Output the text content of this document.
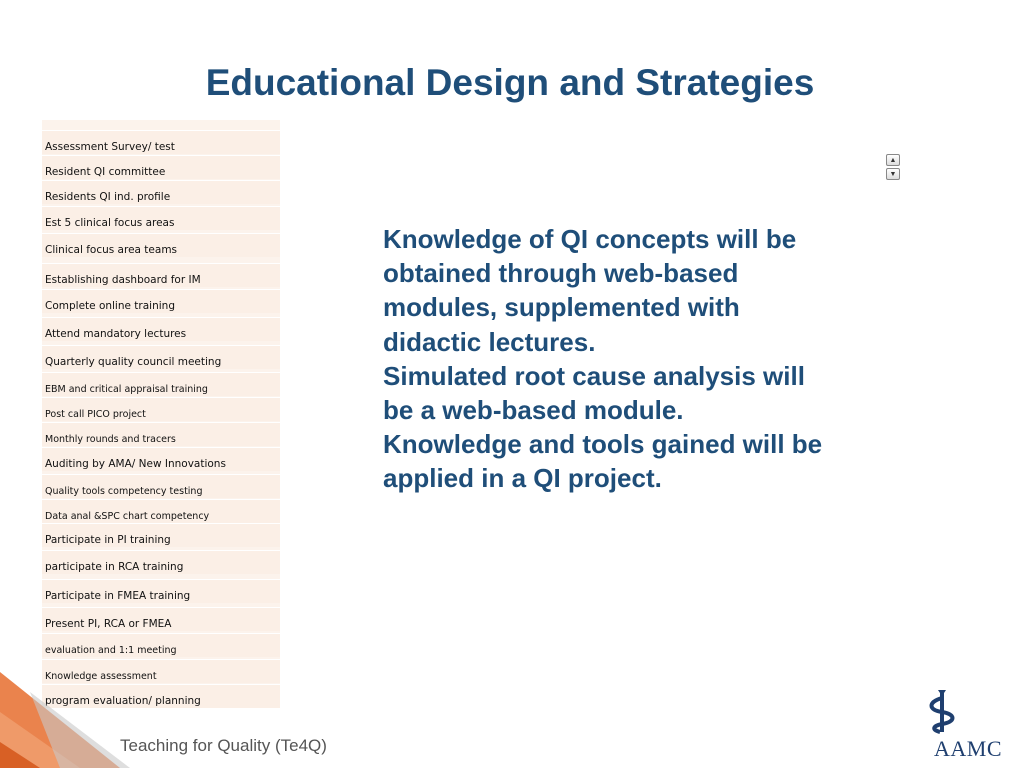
Educational Design and Strategies
Assessment Survey/ test
Resident QI committee
Residents QI ind. profile
Est 5 clinical focus areas
Clinical focus area teams
Establishing dashboard for IM
Complete online training
Attend mandatory lectures
Quarterly quality council meeting
EBM and critical appraisal training
Post call PICO project
Monthly rounds and tracers
Auditing by AMA/ New Innovations
Quality tools competency testing
Data anal &SPC chart competency
Participate in PI training
participate in RCA training
Participate in FMEA training
Present PI, RCA or FMEA
evaluation and 1:1 meeting
Knowledge assessment
program evaluation/ planning
▲
▼
Knowledge of QI concepts will be
obtained through web-based
modules, supplemented with
didactic lectures.
Simulated root cause analysis will
be a web-based module.
Knowledge and tools gained will be
applied in a QI project.
Teaching for Quality (Te4Q)	AAMC
